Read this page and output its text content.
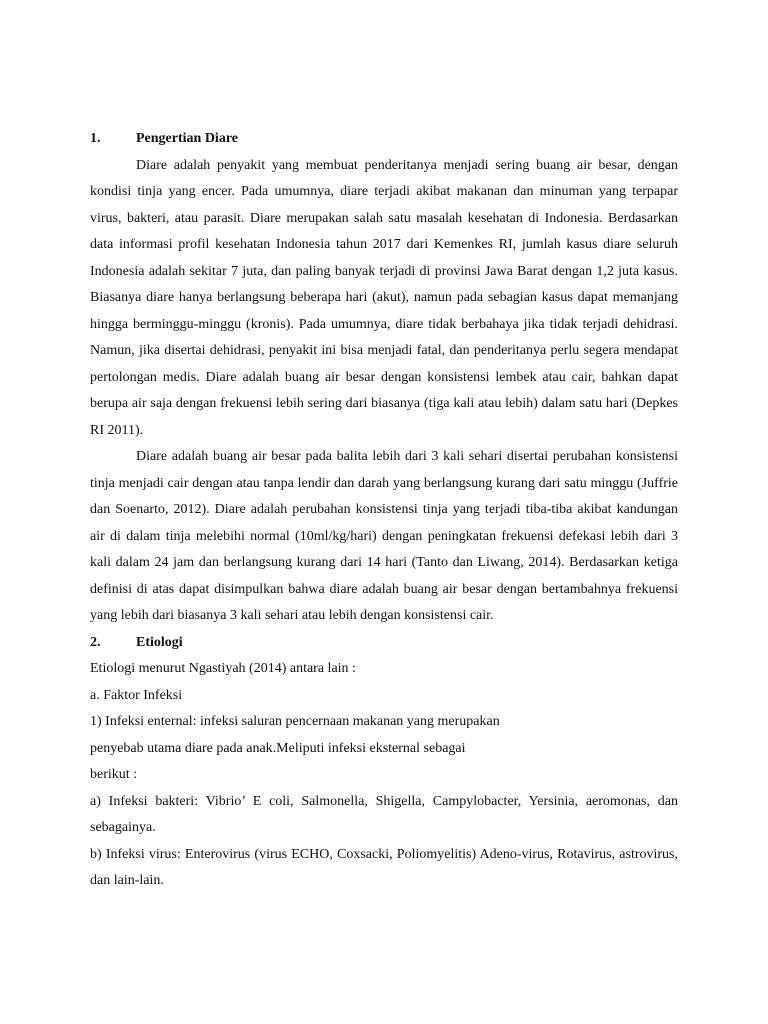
1.	Pengertian Diare

Diare adalah penyakit yang membuat penderitanya menjadi sering buang air besar, dengan kondisi tinja yang encer. Pada umumnya, diare terjadi akibat makanan dan minuman yang terpapar virus, bakteri, atau parasit. Diare merupakan salah satu masalah kesehatan di Indonesia. Berdasarkan data informasi profil kesehatan Indonesia tahun 2017 dari Kemenkes RI, jumlah kasus diare seluruh Indonesia adalah sekitar 7 juta, dan paling banyak terjadi di provinsi Jawa Barat dengan 1,2 juta kasus. Biasanya diare hanya berlangsung beberapa hari (akut), namun pada sebagian kasus dapat memanjang hingga berminggu-minggu (kronis). Pada umumnya, diare tidak berbahaya jika tidak terjadi dehidrasi. Namun, jika disertai dehidrasi, penyakit ini bisa menjadi fatal, dan penderitanya perlu segera mendapat pertolongan medis. Diare adalah buang air besar dengan konsistensi lembek atau cair, bahkan dapat berupa air saja dengan frekuensi lebih sering dari biasanya (tiga kali atau lebih) dalam satu hari (Depkes RI 2011).

Diare adalah buang air besar pada balita lebih dari 3 kali sehari disertai perubahan konsistensi tinja menjadi cair dengan atau tanpa lendir dan darah yang berlangsung kurang dari satu minggu (Juffrie dan Soenarto, 2012). Diare adalah perubahan konsistensi tinja yang terjadi tiba-tiba akibat kandungan air di dalam tinja melebihi normal (10ml/kg/hari) dengan peningkatan frekuensi defekasi lebih dari 3 kali dalam 24 jam dan berlangsung kurang dari 14 hari (Tanto dan Liwang, 2014). Berdasarkan ketiga definisi di atas dapat disimpulkan bahwa diare adalah buang air besar dengan bertambahnya frekuensi yang lebih dari biasanya 3 kali sehari atau lebih dengan konsistensi cair.

2.	Etiologi

Etiologi menurut Ngastiyah (2014) antara lain :

a. Faktor Infeksi

1) Infeksi enternal: infeksi saluran pencernaan makanan yang merupakan

penyebab utama diare pada anak.Meliputi infeksi eksternal sebagai

berikut :

a) Infeksi bakteri: Vibrio’ E coli, Salmonella, Shigella, Campylobacter, Yersinia, aeromonas, dan sebagainya.

b) Infeksi virus: Enterovirus (virus ECHO, Coxsacki, Poliomyelitis) Adeno-virus, Rotavirus, astrovirus, dan lain-lain.
